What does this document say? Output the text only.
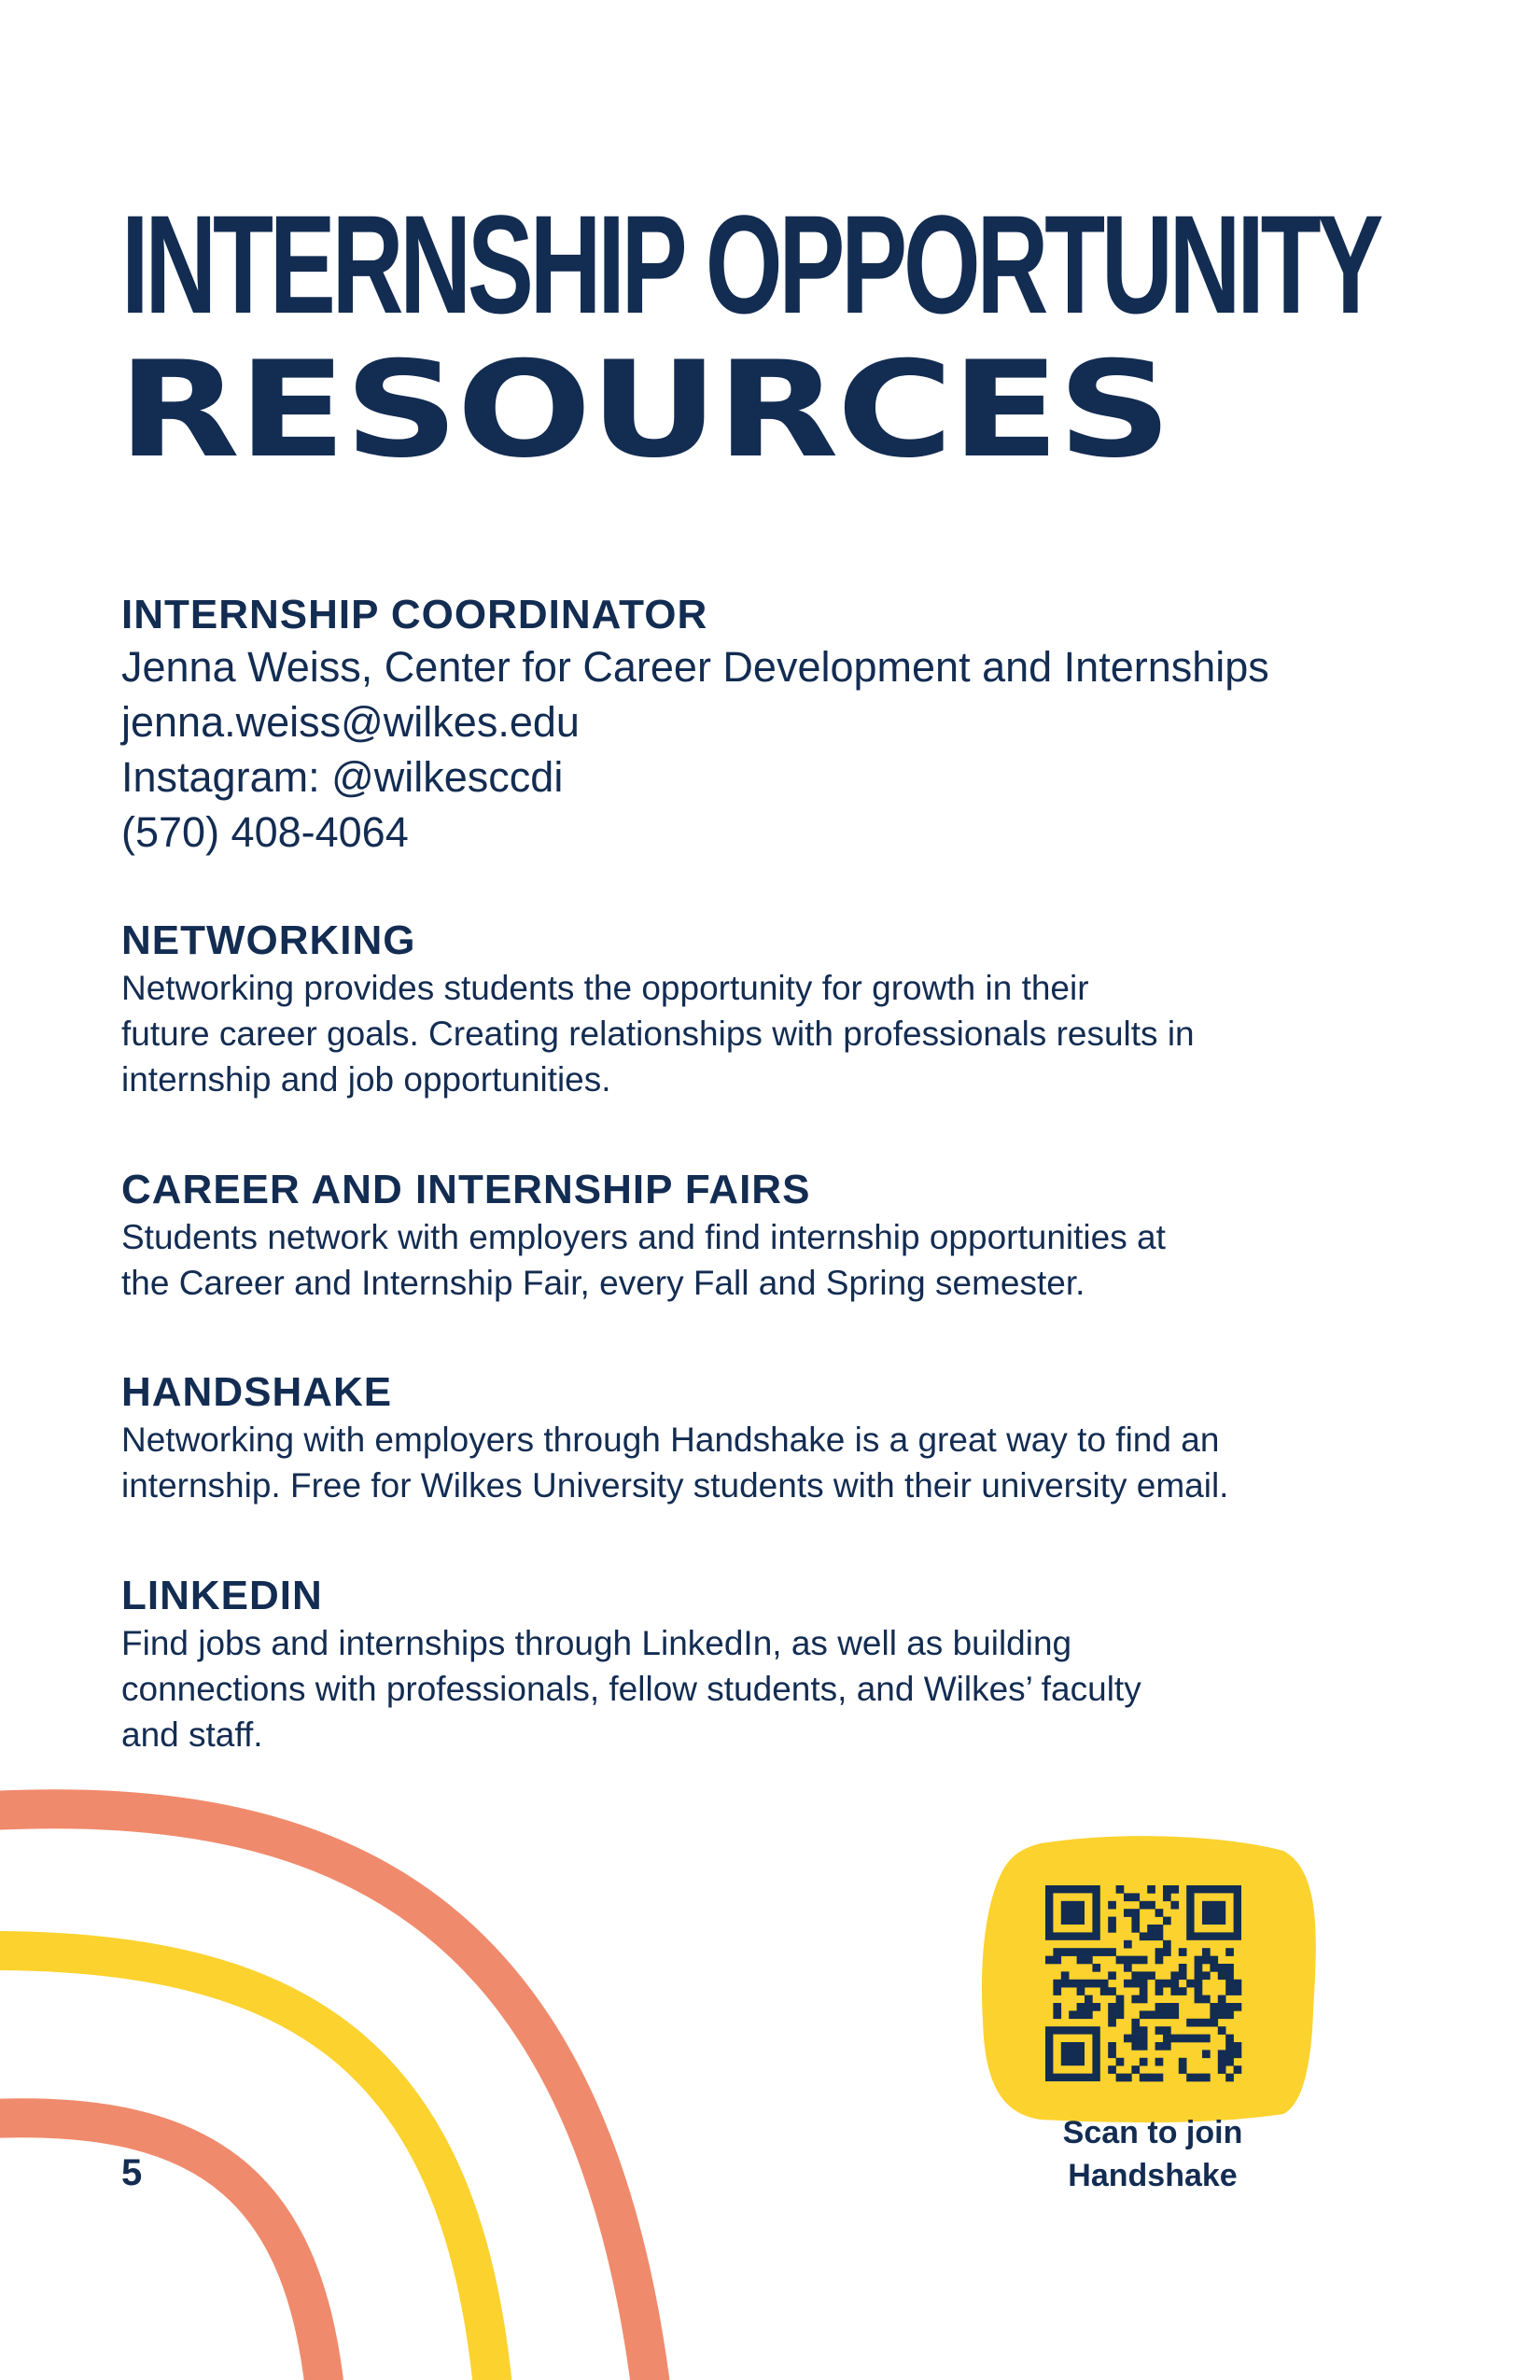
INTERNSHIP OPPORTUNITY
RESOURCES
INTERNSHIP COORDINATOR
Jenna Weiss, Center for Career Development and Internships
jenna.weiss@wilkes.edu
Instagram: @wilkesccdi
(570) 408-4064
NETWORKING

Networking provides students the opportunity for growth in their

future career goals. Creating relationships with professionals results in

internship and job opportunities.

CAREER AND INTERNSHIP FAIRS

Students network with employers and find internship opportunities at

the Career and Internship Fair, every Fall and Spring semester.

HANDSHAKE

Networking with employers through Handshake is a great way to find an

internship. Free for Wilkes University students with their university email.

LINKEDIN

Find jobs and internships through LinkedIn, as well as building

connections with professionals, fellow students, and Wilkes’ faculty

and staff.

Scan to join
Handshake
5
